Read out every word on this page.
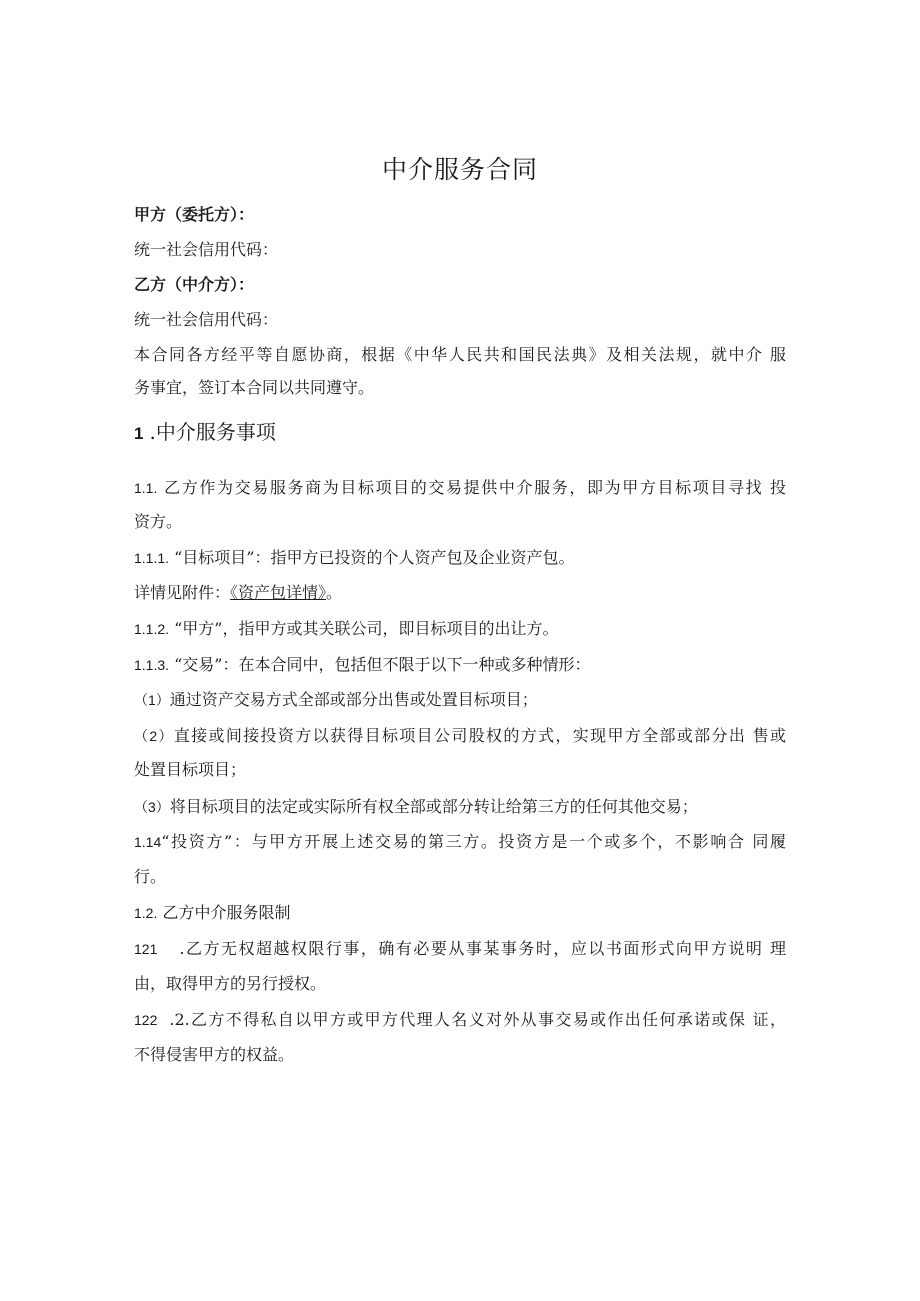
中介服务合同
甲方（委托方）：
统一社会信用代码：
乙方（中介方）：
统一社会信用代码：
本合同各方经平等自愿协商，根据《中华人民共和国民法典》及相关法规，就中介 服
务事宜，签订本合同以共同遵守。
1 .中介服务事项
1.1. 乙方作为交易服务商为目标项目的交易提供中介服务，即为甲方目标项目寻找 投
资方。
1.1.1. “目标项目”：指甲方已投资的个人资产包及企业资产包。
详情见附件：《资产包详情》。
1.1.2. “甲方”，指甲方或其关联公司，即目标项目的出让方。
1.1.3. “交易”：在本合同中，包括但不限于以下一种或多种情形：
（1）通过资产交易方式全部或部分出售或处置目标项目；
（2）直接或间接投资方以获得目标项目公司股权的方式，实现甲方全部或部分出 售或
处置目标项目；
（3）将目标项目的法定或实际所有权全部或部分转让给第三方的任何其他交易；
1.14“投资方”：与甲方开展上述交易的第三方。投资方是一个或多个，不影响合 同履
行。
1.2. 乙方中介服务限制
121 .乙方无权超越权限行事，确有必要从事某事务时，应以书面形式向甲方说明 理
由，取得甲方的另行授权。
122 .2.乙方不得私自以甲方或甲方代理人名义对外从事交易或作出任何承诺或保 证，
不得侵害甲方的权益。
